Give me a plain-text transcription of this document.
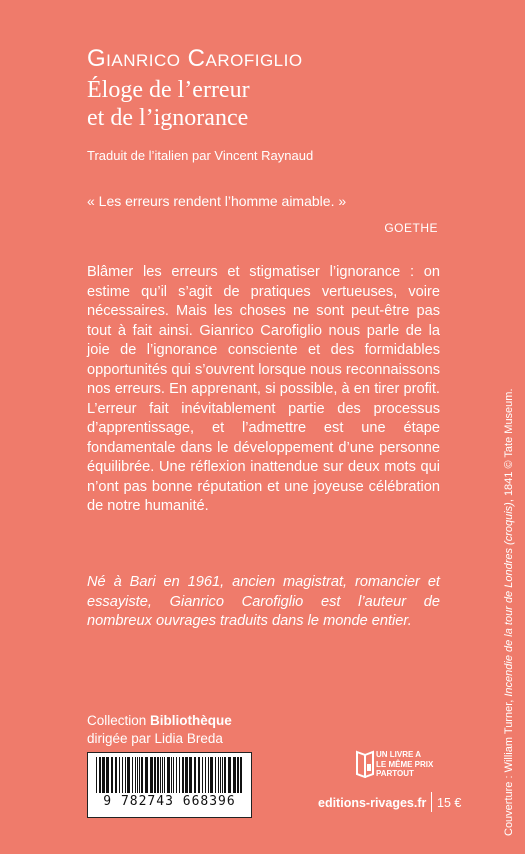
Gianrico Carofiglio
Éloge de l’erreur
et de l’ignorance
Traduit de l’italien par Vincent Raynaud
« Les erreurs rendent l’homme aimable. »
GOETHE

Blâmer les erreurs et stigmatiser l’ignorance : on estime qu’il s’agit de pratiques vertueuses, voire nécessaires. Mais les choses ne sont peut-être pas tout à fait ainsi. Gianrico Carofiglio nous parle de la joie de l’ignorance consciente et des formidables opportunités qui s’ouvrent lorsque nous reconnaissons nos erreurs. En apprenant, si possible, à en tirer profit. L’erreur fait inévitablement partie des processus d’apprentissage, et l’admettre est une étape fondamentale dans le développement d’une personne équilibrée. Une réflexion inattendue sur deux mots qui n’ont pas bonne réputation et une joyeuse célébration de notre humanité.

Né à Bari en 1961, ancien magistrat, romancier et essayiste, Gianrico Carofiglio est l’auteur de nombreux ouvrages traduits dans le monde entier.

Collection Bibliothèque
dirigée par Lidia Breda
9 782743 668396
UN LIVRE A
LE MÊME PRIX
PARTOUT
editions-rivages.fr 15 €	Couverture : William Turner, Incendie de la tour de Londres (croquis), 1841 © Tate Museum.
